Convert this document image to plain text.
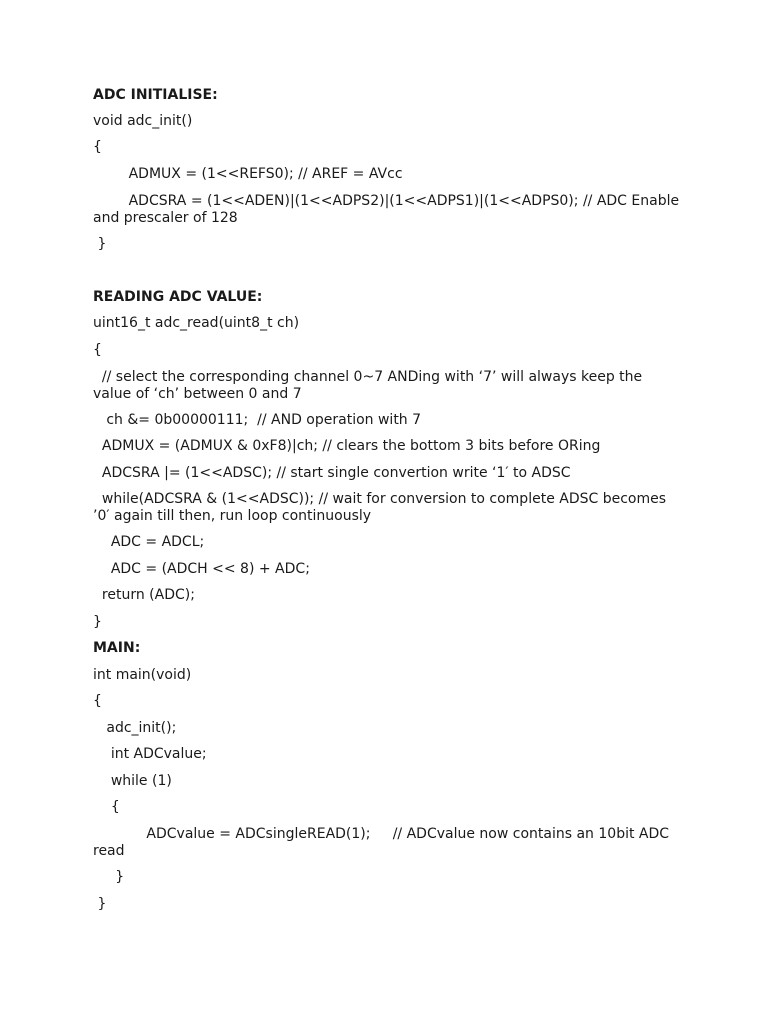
ADC INITIALISE:

void adc_init()

{

ADMUX = (1<<REFS0); // AREF = AVcc

ADCSRA = (1<<ADEN)|(1<<ADPS2)|(1<<ADPS1)|(1<<ADPS0); // ADC Enable and prescaler of 128

}

READING ADC VALUE:

uint16_t adc_read(uint8_t ch)

{

// select the corresponding channel 0~7 ANDing with ‘7’ will always keep the value of ‘ch’ between 0 and 7

ch &= 0b00000111;  // AND operation with 7

ADMUX = (ADMUX & 0xF8)|ch; // clears the bottom 3 bits before ORing

ADCSRA |= (1<<ADSC); // start single convertion write ‘1′ to ADSC

while(ADCSRA & (1<<ADSC)); // wait for conversion to complete ADSC becomes ’0′ again till then, run loop continuously

ADC = ADCL;

ADC = (ADCH << 8) + ADC;

return (ADC);

}

MAIN:

int main(void)

{

adc_init();

int ADCvalue;

while (1)

{

ADCvalue = ADCsingleREAD(1);     // ADCvalue now contains an 10bit ADC read

}

}
